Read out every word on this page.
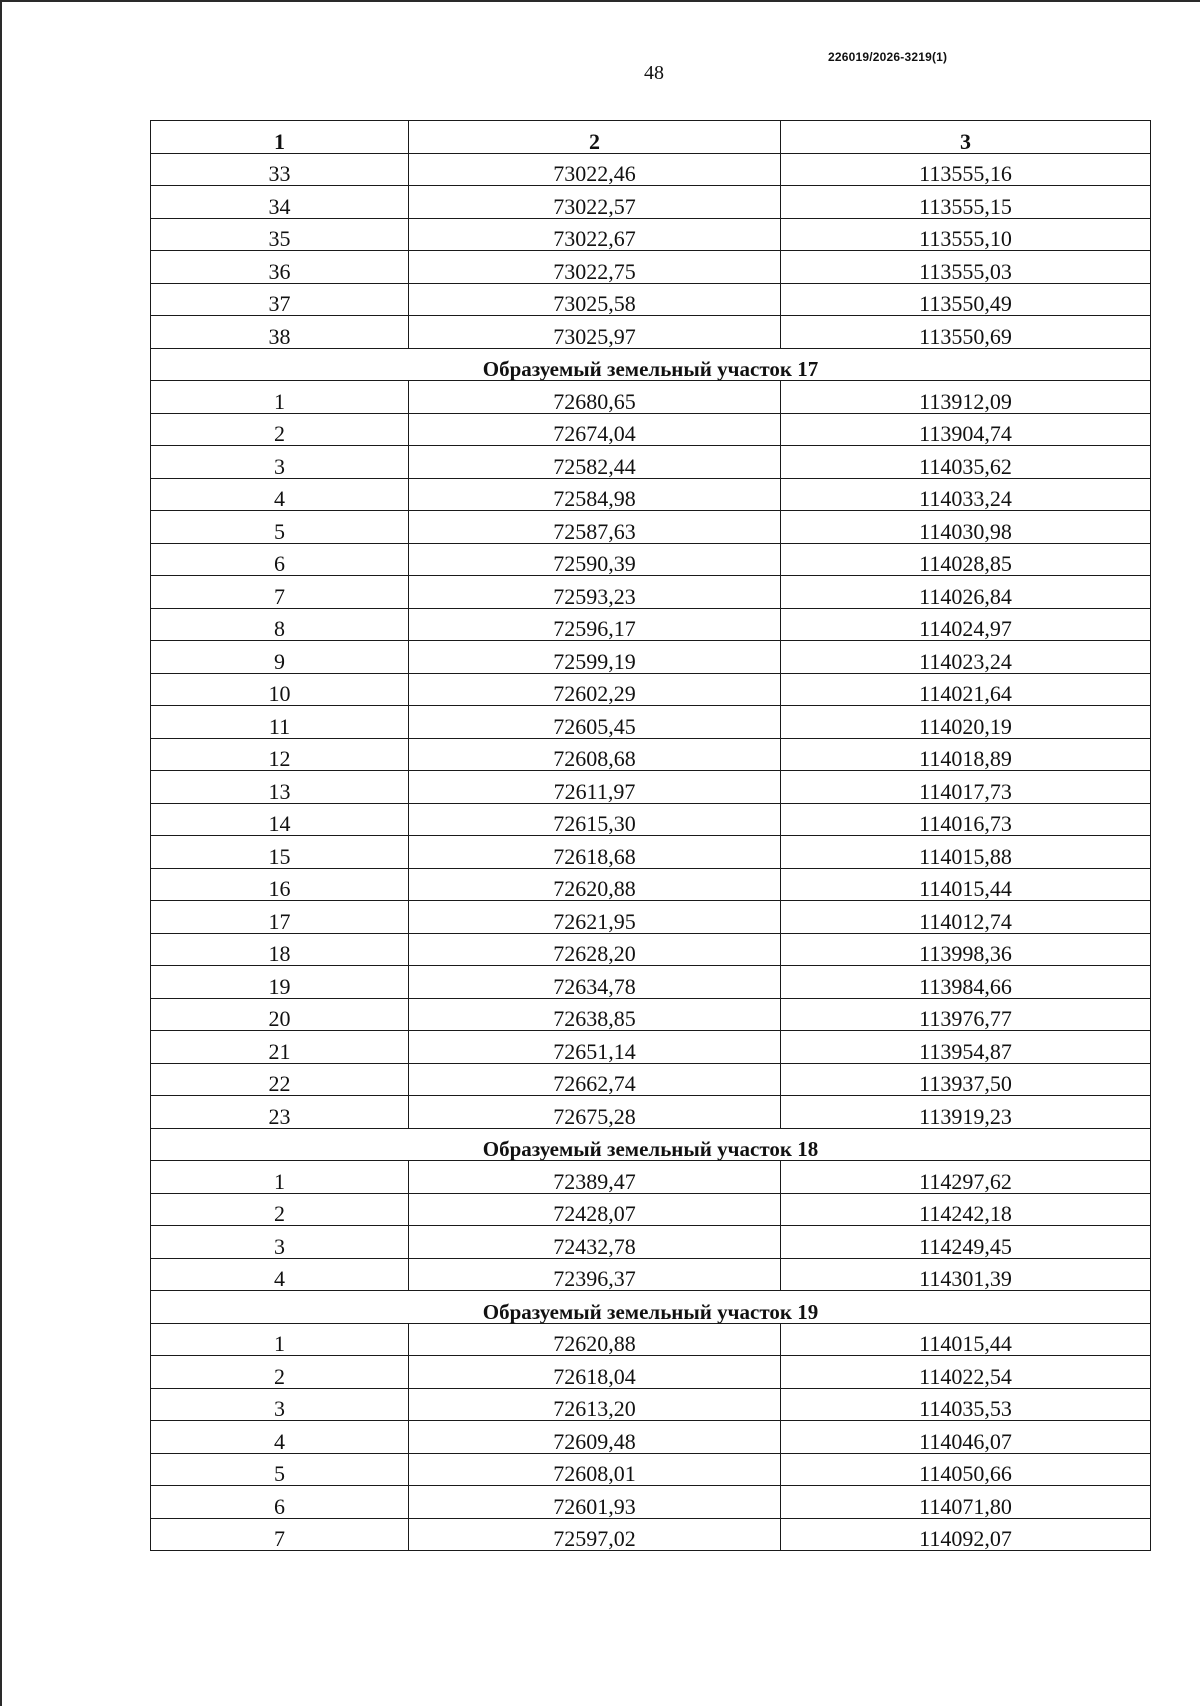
226019/2026-3219(1)
48
1	2	3
33	73022,46	113555,16
34	73022,57	113555,15
35	73022,67	113555,10
36	73022,75	113555,03
37	73025,58	113550,49
38	73025,97	113550,69
Образуемый земельный участок 17		
1	72680,65	113912,09
2	72674,04	113904,74
3	72582,44	114035,62
4	72584,98	114033,24
5	72587,63	114030,98
6	72590,39	114028,85
7	72593,23	114026,84
8	72596,17	114024,97
9	72599,19	114023,24
10	72602,29	114021,64
11	72605,45	114020,19
12	72608,68	114018,89
13	72611,97	114017,73
14	72615,30	114016,73
15	72618,68	114015,88
16	72620,88	114015,44
17	72621,95	114012,74
18	72628,20	113998,36
19	72634,78	113984,66
20	72638,85	113976,77
21	72651,14	113954,87
22	72662,74	113937,50
23	72675,28	113919,23
Образуемый земельный участок 18		
1	72389,47	114297,62
2	72428,07	114242,18
3	72432,78	114249,45
4	72396,37	114301,39
Образуемый земельный участок 19		
1	72620,88	114015,44
2	72618,04	114022,54
3	72613,20	114035,53
4	72609,48	114046,07
5	72608,01	114050,66
6	72601,93	114071,80
7	72597,02	114092,07
